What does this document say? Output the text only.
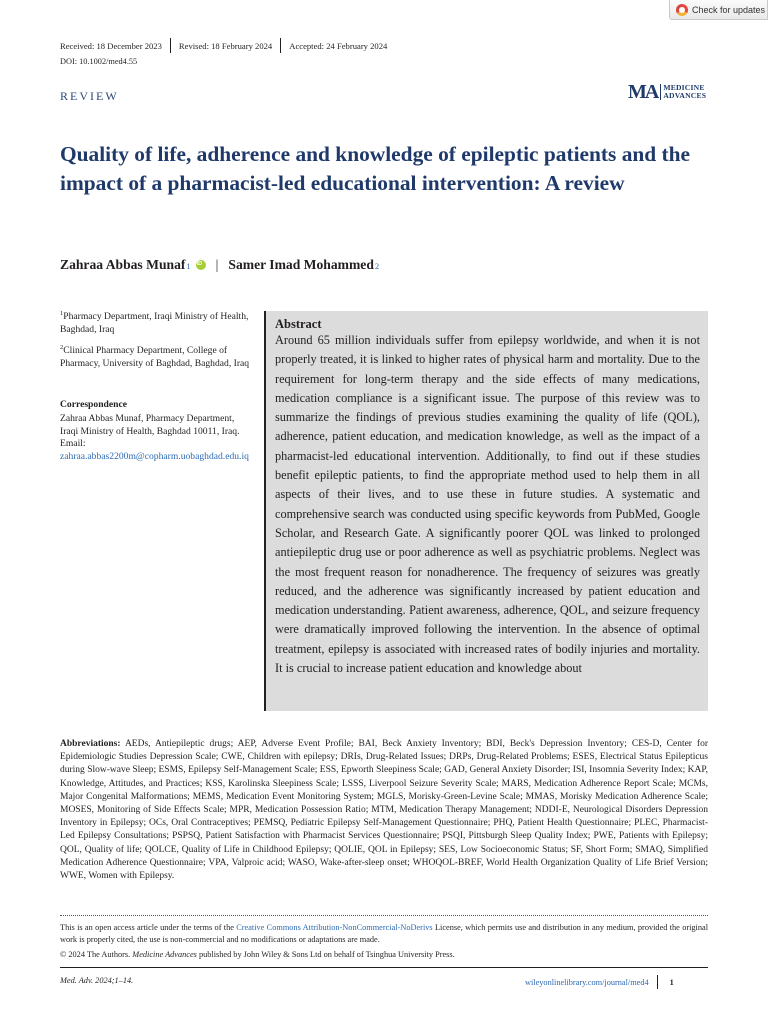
Check for updates
Received: 18 December 2023 Revised: 18 February 2024 Accepted: 24 February 2024
DOI: 10.1002/med4.55
REVIEW	MA MEDICINE
ADVANCES
Quality of life, adherence and knowledge of epileptic patients and the impact of a pharmacist-led educational intervention: A review
Zahraa Abbas Munaf 1
iD | Samer Imad Mohammed 2
$^1$Pharmacy Department, Iraqi Ministry of Health, Baghdad, Iraq
$^2$Clinical Pharmacy Department, College of Pharmacy, University of Baghdad, Baghdad, Iraq
Correspondence
Zahraa Abbas Munaf, Pharmacy Department, Iraqi Ministry of Health, Baghdad 10011, Iraq.
Email: zahraa.abbas2200m@copharm.uobaghdad.edu.iq
Abstract

Around 65 million individuals suffer from epilepsy worldwide, and when it is not properly treated, it is linked to higher rates of physical harm and mortality. Due to the requirement for long-term therapy and the side effects of many medications, medication compliance is a significant issue. The purpose of this review was to summarize the findings of previous studies examining the quality of life (QOL), adherence, patient education, and medication knowledge, as well as the impact of a pharmacist-led educational intervention. Additionally, to find out if these studies benefit epileptic patients, to find the appropriate method used to help them in all aspects of their lives, and to use these in future studies. A systematic and comprehensive search was conducted using specific keywords from PubMed, Google Scholar, and Research Gate. A significantly poorer QOL was linked to prolonged antiepileptic drug use or poor adherence as well as psychiatric problems. Neglect was the most frequent reason for nonadherence. The frequency of seizures was greatly reduced, and the adherence was significantly increased by patient education and medication understanding. Patient awareness, adherence, QOL, and seizure frequency were dramatically improved following the intervention. In the absence of optimal treatment, epilepsy is associated with increased rates of bodily injuries and mortality. It is crucial to increase patient education and knowledge about

Abbreviations: AEDs, Antiepileptic drugs; AEP, Adverse Event Profile; BAI, Beck Anxiety Inventory; BDI, Beck's Depression Inventory; CES-D, Center for Epidemiologic Studies Depression Scale; CWE, Children with epilepsy; DRIs, Drug-Related Issues; DRPs, Drug-Related Problems; ESES, Electrical Status Epilepticus during Slow-wave Sleep; ESMS, Epilepsy Self-Management Scale; ESS, Epworth Sleepiness Scale; GAD, General Anxiety Disorder; ISI, Insomnia Severity Index; KAP, Knowledge, Attitudes, and Practices; KSS, Karolinska Sleepiness Scale; LSSS, Liverpool Seizure Severity Scale; MARS, Medication Adherence Report Scale; MCMs, Major Congenital Malformations; MEMS, Medication Event Monitoring System; MGLS, Morisky-Green-Levine Scale; MMAS, Morisky Medication Adherence Scale; MOSES, Monitoring of Side Effects Scale; MPR, Medication Possession Ratio; MTM, Medication Therapy Management; NDDI-E, Neurological Disorders Depression Inventory in Epilepsy; OCs, Oral Contraceptives; PEMSQ, Pediatric Epilepsy Self-Management Questionnaire; PHQ, Patient Health Questionnaire; PLEC, Pharmacist-Led Epilepsy Consultations; PSPSQ, Patient Satisfaction with Pharmacist Services Questionnaire; PSQI, Pittsburgh Sleep Quality Index; PWE, Patients with Epilepsy; QOL, Quality of life; QOLCE, Quality of Life in Childhood Epilepsy; QOLIE, QOL in Epilepsy; SES, Low Socioeconomic Status; SF, Short Form; SMAQ, Simplified Medication Adherence Questionnaire; VPA, Valproic acid; WASO, Wake-after-sleep onset; WHOQOL-BREF, World Health Organization Quality of Life Brief Version; WWE, Women with Epilepsy.

This is an open access article under the terms of the Creative Commons Attribution-NonCommercial-NoDerivs License, which permits use and distribution in any medium, provided the original work is properly cited, the use is non-commercial and no modifications or adaptations are made.

© 2024 The Authors. Medicine Advances published by John Wiley & Sons Ltd on behalf of Tsinghua University Press.
Med. Adv. 2024;1–14.	wileyonlinelibrary.com/journal/med4	1
